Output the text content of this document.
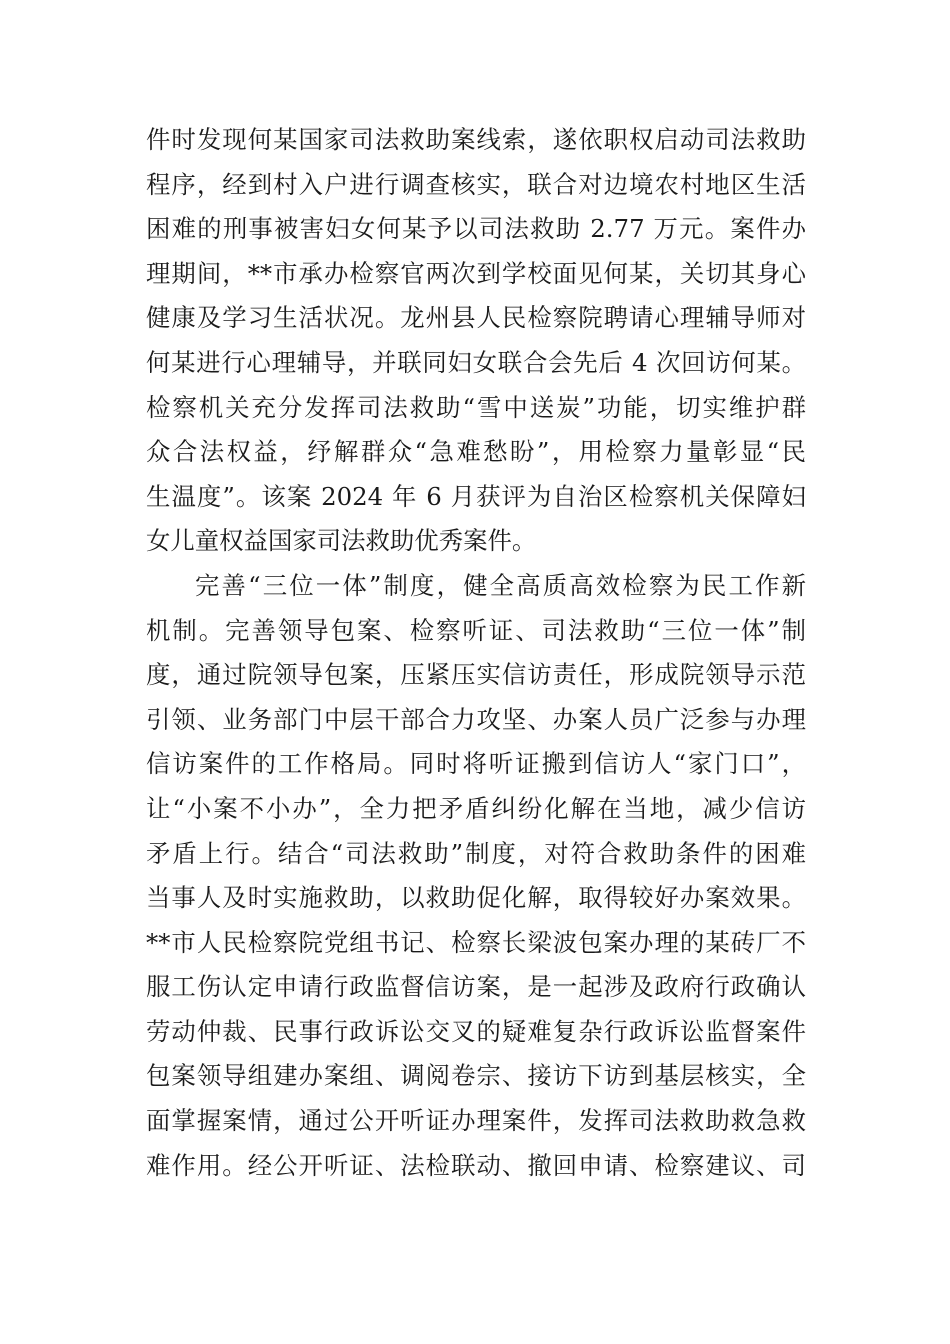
件时发现何某国家司法救助案线索，遂依职权启动司法救助
程序，经到村入户进行调查核实，联合对边境农村地区生活
困难的刑事被害妇女何某予以司法救助 2.77 万元。案件办
理期间，**市承办检察官两次到学校面见何某，关切其身心
健康及学习生活状况。龙州县人民检察院聘请心理辅导师对
何某进行心理辅导，并联同妇女联合会先后 4 次回访何某。
检察机关充分发挥司法救助“雪中送炭”功能，切实维护群
众合法权益，纾解群众“急难愁盼”，用检察力量彰显“民
生温度”。该案 2024 年 6 月获评为自治区检察机关保障妇
女儿童权益国家司法救助优秀案件。
完善“三位一体”制度，健全高质高效检察为民工作新
机制。完善领导包案、检察听证、司法救助“三位一体”制
度，通过院领导包案，压紧压实信访责任，形成院领导示范
引领、业务部门中层干部合力攻坚、办案人员广泛参与办理
信访案件的工作格局。同时将听证搬到信访人“家门口”，
让“小案不小办”，全力把矛盾纠纷化解在当地，减少信访
矛盾上行。结合“司法救助”制度，对符合救助条件的困难
当事人及时实施救助，以救助促化解，取得较好办案效果。
**市人民检察院党组书记、检察长梁波包案办理的某砖厂不
服工伤认定申请行政监督信访案，是一起涉及政府行政确认
劳动仲裁、民事行政诉讼交叉的疑难复杂行政诉讼监督案件
包案领导组建办案组、调阅卷宗、接访下访到基层核实，全
面掌握案情，通过公开听证办理案件，发挥司法救助救急救
难作用。经公开听证、法检联动、撤回申请、检察建议、司
